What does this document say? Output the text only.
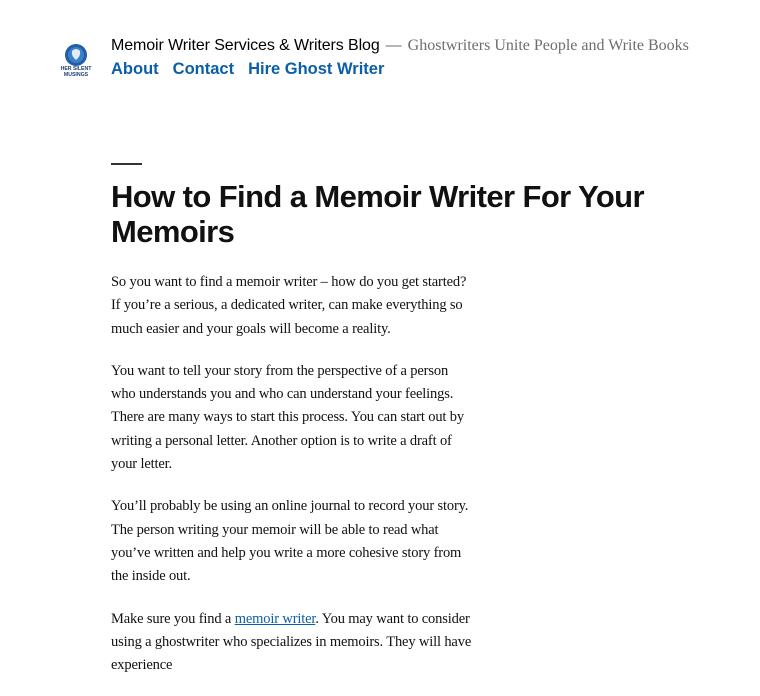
HER SILENT
MUSINGS
Memoir Writer Services & Writers Blog — Ghostwriters Unite People and Write Books
About Contact Hire Ghost Writer
How to Find a Memoir Writer For Your Memoirs

So you want to find a memoir writer – how do you get started? If you’re a serious, a dedicated writer, can make everything so much easier and your goals will become a reality.

You want to tell your story from the perspective of a person who understands you and who can understand your feelings. There are many ways to start this process. You can start out by writing a personal letter. Another option is to write a draft of your letter.

You’ll probably be using an online journal to record your story. The person writing your memoir will be able to read what you’ve written and help you write a more cohesive story from the inside out.

Make sure you find a memoir writer. You may want to consider using a ghostwriter who specializes in memoirs. They will have experience
